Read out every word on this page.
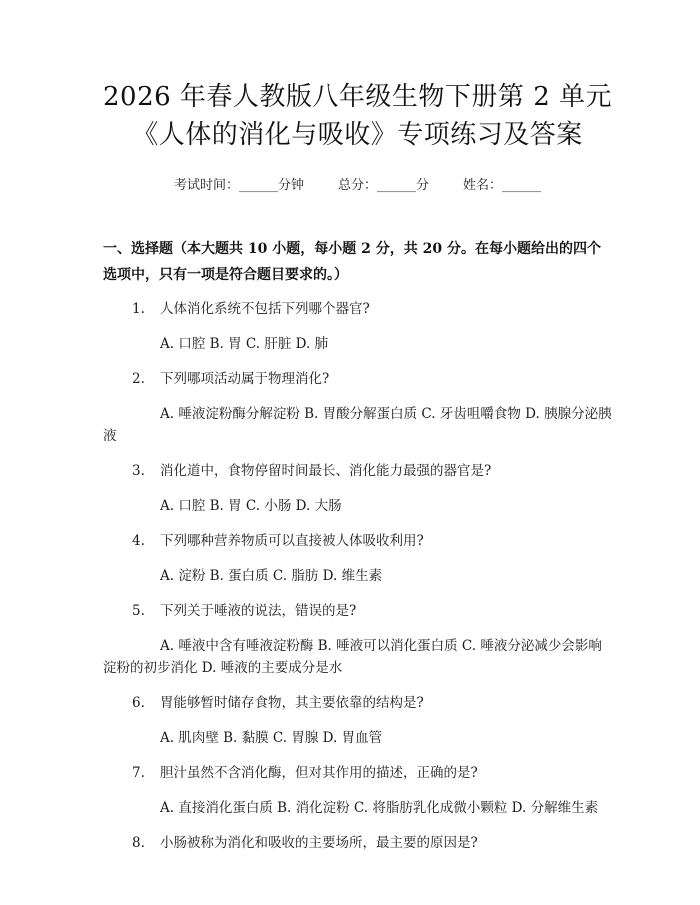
2026 年春人教版八年级生物下册第 2 单元
《人体的消化与吸收》专项练习及答案
考试时间：______分钟	总分：______分	姓名：______
一、选择题（本大题共 10 小题，每小题 2 分，共 20 分。在每小题给出的四个选项中，只有一项是符合题目要求的。）
1.	人体消化系统不包括下列哪个器官?
A. 口腔 B. 胃 C. 肝脏 D. 肺
2.	下列哪项活动属于物理消化?
A. 唾液淀粉酶分解淀粉 B. 胃酸分解蛋白质 C. 牙齿咀嚼食物 D. 胰腺分泌胰液
3.	消化道中，食物停留时间最长、消化能力最强的器官是?
A. 口腔 B. 胃 C. 小肠 D. 大肠
4.	下列哪种营养物质可以直接被人体吸收利用?
A. 淀粉 B. 蛋白质 C. 脂肪 D. 维生素
5.	下列关于唾液的说法，错误的是?
A. 唾液中含有唾液淀粉酶 B. 唾液可以消化蛋白质 C. 唾液分泌减少会影响淀粉的初步消化 D. 唾液的主要成分是水
6.	胃能够暂时储存食物，其主要依靠的结构是?
A. 肌肉壁 B. 黏膜 C. 胃腺 D. 胃血管
7.	胆汁虽然不含消化酶，但对其作用的描述，正确的是?
A. 直接消化蛋白质 B. 消化淀粉 C. 将脂肪乳化成微小颗粒 D. 分解维生素
8.	小肠被称为消化和吸收的主要场所，最主要的原因是?
